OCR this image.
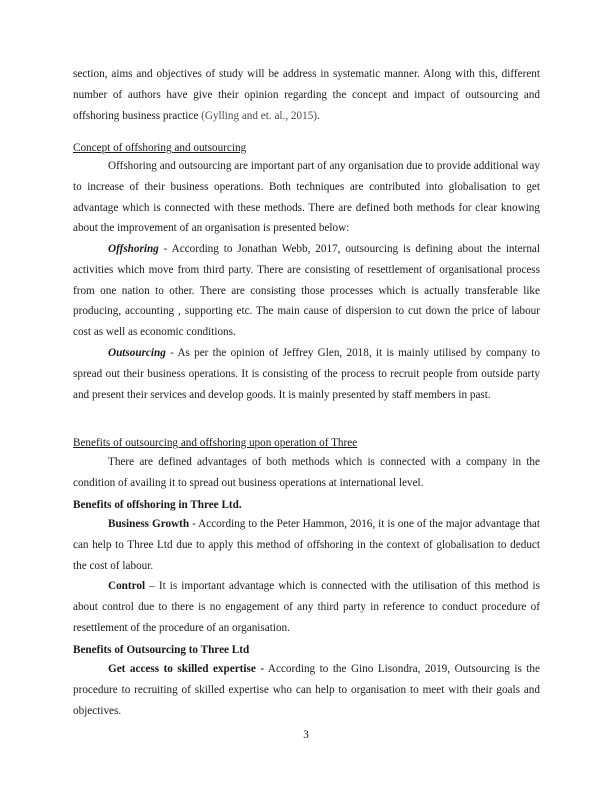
section, aims and objectives of study will be address in systematic manner. Along with this, different number of authors have give their opinion regarding the concept and impact of outsourcing and offshoring business practice (Gylling and et. al., 2015).

Concept of offshoring and outsourcing

Offshoring and outsourcing are important part of any organisation due to provide additional way to increase of their business operations. Both techniques are contributed into globalisation to get advantage which is connected with these methods. There are defined both methods for clear knowing about the improvement of an organisation is presented below:

Offshoring - According to Jonathan Webb, 2017, outsourcing is defining about the internal activities which move from third party. There are consisting of resettlement of organisational process from one nation to other. There are consisting those processes which is actually transferable like producing, accounting , supporting etc. The main cause of dispersion to cut down the price of labour cost as well as economic conditions.

Outsourcing - As per the opinion of Jeffrey Glen, 2018, it is mainly utilised by company to spread out their business operations. It is consisting of the process to recruit people from outside party and present their services and develop goods. It is mainly presented by staff members in past.

Benefits of outsourcing and offshoring upon operation of Three

There are defined advantages of both methods which is connected with a company in the condition of availing it to spread out business operations at international level.

Benefits of offshoring in Three Ltd.

Business Growth - According to the Peter Hammon, 2016, it is one of the major advantage that can help to Three Ltd due to apply this method of offshoring in the context of globalisation to deduct the cost of labour.

Control – It is important advantage which is connected with the utilisation of this method is about control due to there is no engagement of any third party in reference to conduct procedure of resettlement of the procedure of an organisation.

Benefits of Outsourcing to Three Ltd

Get access to skilled expertise - According to the Gino Lisondra, 2019, Outsourcing is the procedure to recruiting of skilled expertise who can help to organisation to meet with their goals and objectives.

3
